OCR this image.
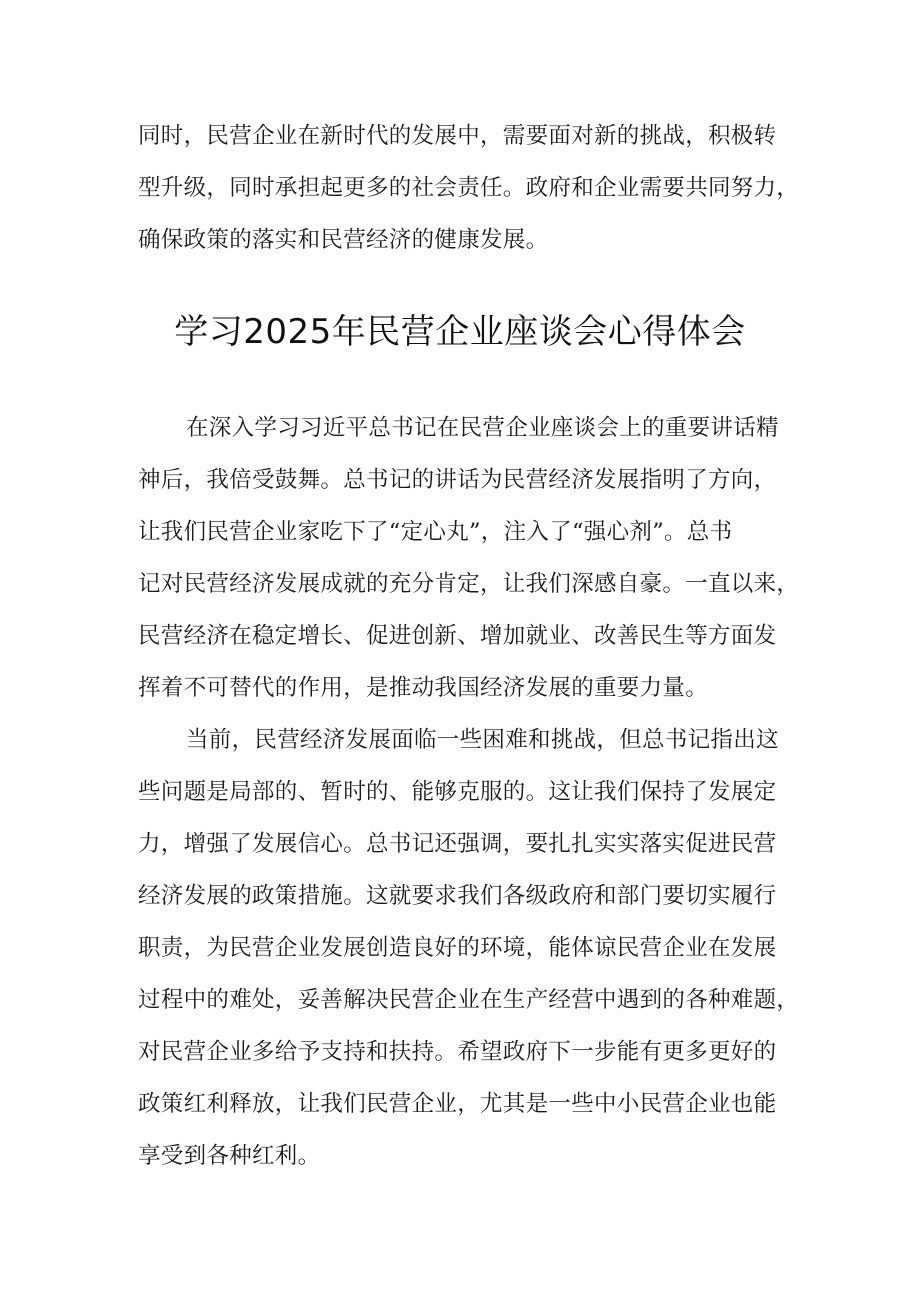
同时，民营企业在新时代的发展中，需要面对新的挑战，积极转
型升级，同时承担起更多的社会责任。政府和企业需要共同努力，
确保政策的落实和民营经济的健康发展。
学习2025年民营企业座谈会心得体会
在深入学习习近平总书记在民营企业座谈会上的重要讲话精
神后，我倍受鼓舞。总书记的讲话为民营经济发展指明了方向，
让我们民营企业家吃下了“定心丸”，注入了“强心剂”。总书
记对民营经济发展成就的充分肯定，让我们深感自豪。一直以来，
民营经济在稳定增长、促进创新、增加就业、改善民生等方面发
挥着不可替代的作用，是推动我国经济发展的重要力量。
当前，民营经济发展面临一些困难和挑战，但总书记指出这
些问题是局部的、暂时的、能够克服的。这让我们保持了发展定
力，增强了发展信心。总书记还强调，要扎扎实实落实促进民营
经济发展的政策措施。这就要求我们各级政府和部门要切实履行
职责，为民营企业发展创造良好的环境，能体谅民营企业在发展
过程中的难处，妥善解决民营企业在生产经营中遇到的各种难题，
对民营企业多给予支持和扶持。希望政府下一步能有更多更好的
政策红利释放，让我们民营企业，尤其是一些中小民营企业也能
享受到各种红利。
